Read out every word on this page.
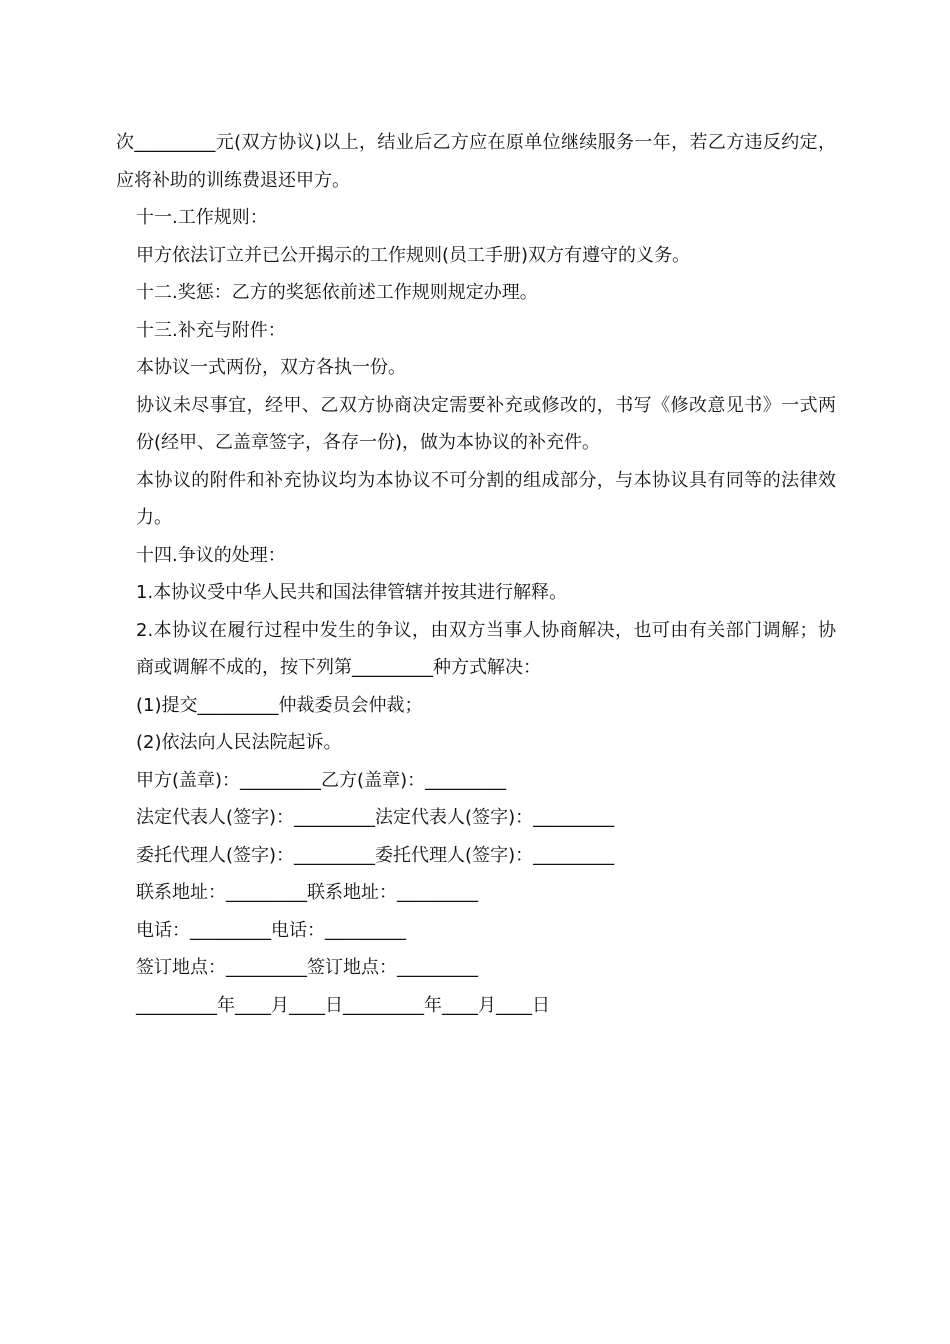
次_________元(双方协议)以上，结业后乙方应在原单位继续服务一年，若乙方违反约定，应将补助的训练费退还甲方。

十一.工作规则：

甲方依法订立并已公开揭示的工作规则(员工手册)双方有遵守的义务。

十二.奖惩：乙方的奖惩依前述工作规则规定办理。

十三.补充与附件：

本协议一式两份，双方各执一份。

协议未尽事宜，经甲、乙双方协商决定需要补充或修改的，书写《修改意见书》一式两份(经甲、乙盖章签字，各存一份)，做为本协议的补充件。

本协议的附件和补充协议均为本协议不可分割的组成部分，与本协议具有同等的法律效力。

十四.争议的处理：

1.本协议受中华人民共和国法律管辖并按其进行解释。

2.本协议在履行过程中发生的争议，由双方当事人协商解决，也可由有关部门调解；协商或调解不成的，按下列第_________种方式解决：

(1)提交_________仲裁委员会仲裁；

(2)依法向人民法院起诉。

甲方(盖章)：_________乙方(盖章)：_________

法定代表人(签字)：_________法定代表人(签字)：_________

委托代理人(签字)：_________委托代理人(签字)：_________

联系地址：_________联系地址：_________

电话：_________电话：_________

签订地点：_________签订地点：_________

_________年____月____日_________年____月____日
